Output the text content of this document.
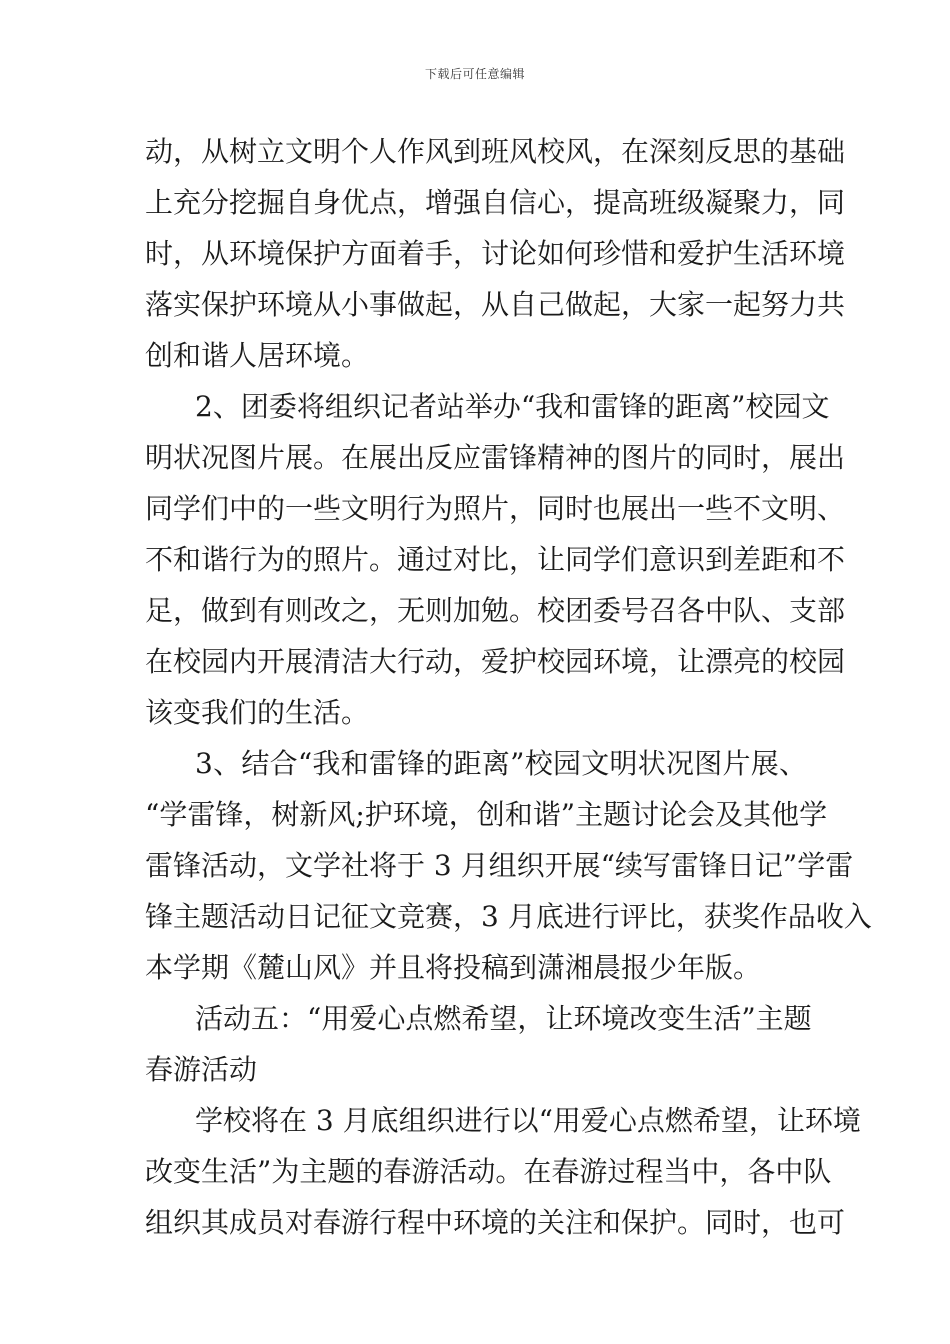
下载后可任意编辑
动，从树立文明个人作风到班风校风，在深刻反思的基础
上充分挖掘自身优点，增强自信心，提高班级凝聚力，同
时，从环境保护方面着手，讨论如何珍惜和爱护生活环境
落实保护环境从小事做起，从自己做起，大家一起努力共
创和谐人居环境。
2、团委将组织记者站举办“我和雷锋的距离”校园文
明状况图片展。在展出反应雷锋精神的图片的同时，展出
同学们中的一些文明行为照片，同时也展出一些不文明、
不和谐行为的照片。通过对比，让同学们意识到差距和不
足，做到有则改之，无则加勉。校团委号召各中队、支部
在校园内开展清洁大行动，爱护校园环境，让漂亮的校园
该变我们的生活。
3、结合“我和雷锋的距离”校园文明状况图片展、
“学雷锋，树新风;护环境，创和谐”主题讨论会及其他学
雷锋活动，文学社将于 3 月组织开展“续写雷锋日记”学雷
锋主题活动日记征文竞赛，3 月底进行评比，获奖作品收入
本学期《麓山风》并且将投稿到潇湘晨报少年版。
活动五：“用爱心点燃希望，让环境改变生活”主题
春游活动
学校将在 3 月底组织进行以“用爱心点燃希望，让环境
改变生活”为主题的春游活动。在春游过程当中，各中队
组织其成员对春游行程中环境的关注和保护。同时，也可
